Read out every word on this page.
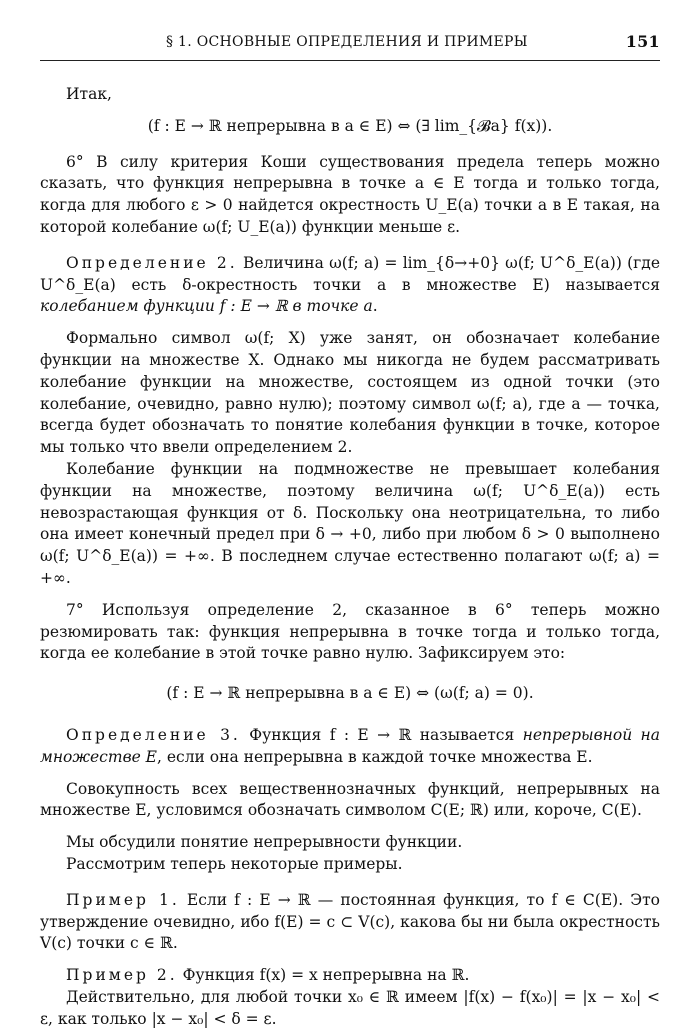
§ 1. ОСНОВНЫЕ ОПРЕДЕЛЕНИЯ И ПРИМЕРЫ	151

Итак,

(f : E → ℝ непрерывна в a ∈ E) ⇔ (∃ lim_{𝓑a} f(x)).

6° В силу критерия Коши существования предела теперь можно сказать, что функция непрерывна в точке a ∈ E тогда и только тогда, когда для любого ε > 0 найдется окрестность U_E(a) точки a в E такая, на которой колебание ω(f; U_E(a)) функции меньше ε.

Определение 2. Величина ω(f; a) = lim_{δ→+0} ω(f; U^δ_E(a)) (где U^δ_E(a) есть δ-окрестность точки a в множестве E) называется колебанием функции f : E → ℝ в точке a.

Формально символ ω(f; X) уже занят, он обозначает колебание функции на множестве X. Однако мы никогда не будем рассматривать колебание функции на множестве, состоящем из одной точки (это колебание, очевидно, равно нулю); поэтому символ ω(f; a), где a — точка, всегда будет обозначать то понятие колебания функции в точке, которое мы только что ввели определением 2.

Колебание функции на подмножестве не превышает колебания функции на множестве, поэтому величина ω(f; U^δ_E(a)) есть невозрастающая функция от δ. Поскольку она неотрицательна, то либо она имеет конечный предел при δ → +0, либо при любом δ > 0 выполнено ω(f; U^δ_E(a)) = +∞. В последнем случае естественно полагают ω(f; a) = +∞.

7° Используя определение 2, сказанное в 6° теперь можно резюмировать так: функция непрерывна в точке тогда и только тогда, когда ее колебание в этой точке равно нулю. Зафиксируем это:

(f : E → ℝ непрерывна в a ∈ E) ⇔ (ω(f; a) = 0).

Определение 3. Функция f : E → ℝ называется непрерывной на множестве E, если она непрерывна в каждой точке множества E.

Совокупность всех вещественнозначных функций, непрерывных на множестве E, условимся обозначать символом C(E; ℝ) или, короче, C(E).

Мы обсудили понятие непрерывности функции.

Рассмотрим теперь некоторые примеры.

Пример 1. Если f : E → ℝ — постоянная функция, то f ∈ C(E). Это утверждение очевидно, ибо f(E) = c ⊂ V(c), какова бы ни была окрестность V(c) точки c ∈ ℝ.

Пример 2. Функция f(x) = x непрерывна на ℝ.

Действительно, для любой точки x₀ ∈ ℝ имеем |f(x) − f(x₀)| = |x − x₀| < ε, как только |x − x₀| < δ = ε.
